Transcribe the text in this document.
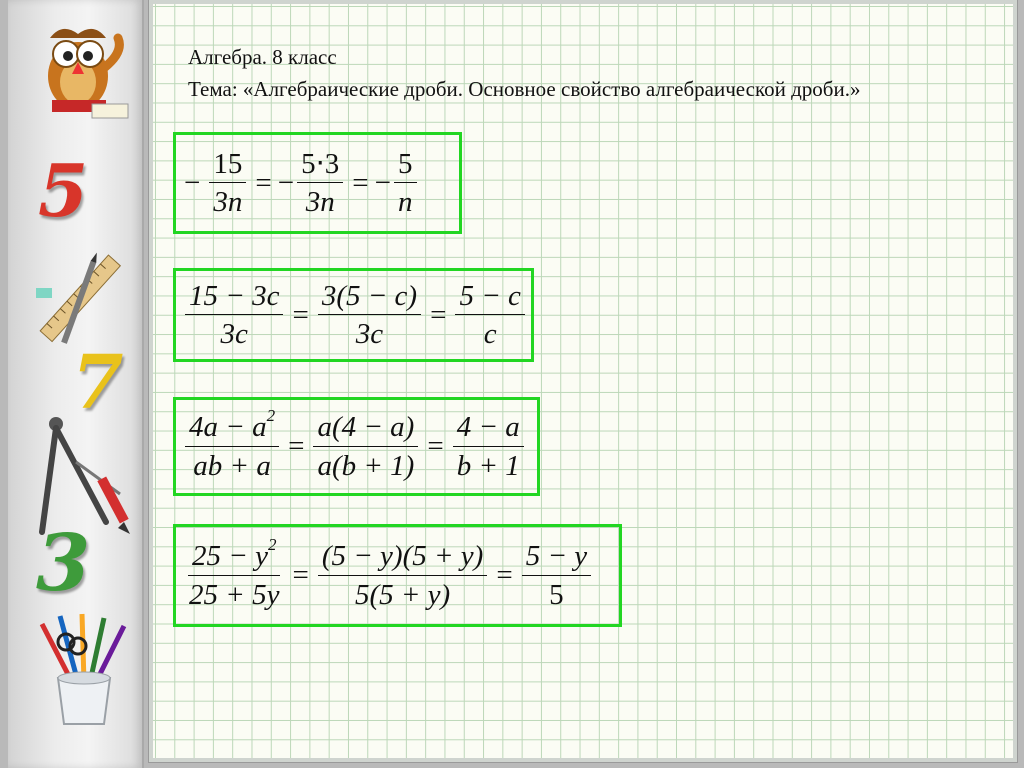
5
7
3
Алгебра. 8 класс
Тема: «Алгебраические дроби. Основное свойство алгебраической дроби.»
− $\frac{15}{3n}$ = − $\frac{5\cdot 3}{3n}$ = − $\frac{5}{n}$
$\frac{15 - 3c}{3c} = \frac{3(5 - c)}{3c} = \frac{5 - c}{c}$
$\frac{4a - a^2}{ab + a} = \frac{a(4 - a)}{a(b + 1)} = \frac{4 - a}{b + 1}$
$\frac{25 - y^2}{25 + 5y} = \frac{(5 - y)(5 + y)}{5(5 + y)} = \frac{5 - y}{5}$
